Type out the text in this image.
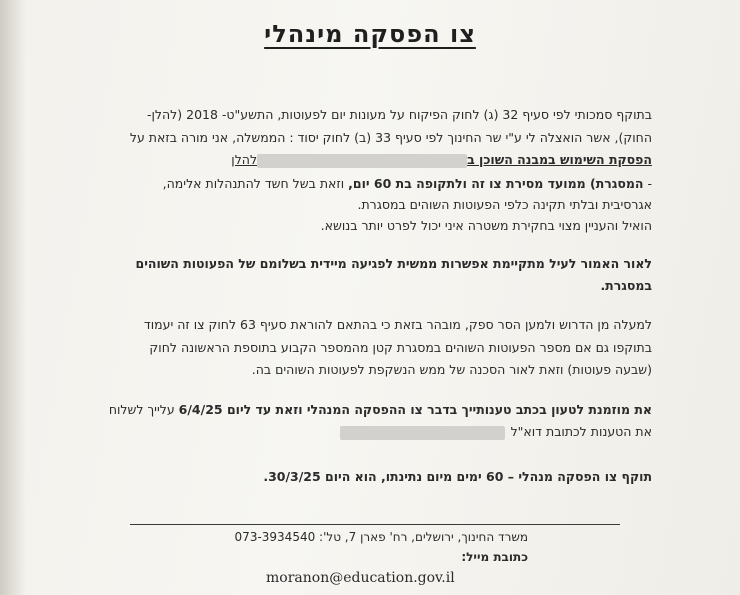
צו הפסקה מינהלי
בתוקף סמכותי לפי סעיף 32 (ג) לחוק הפיקוח על מעונות יום לפעוטות, התשע"ט- 2018 (להלן-
החוק), אשר הואצלה לי ע"י שר החינוך לפי סעיף 33 (ב) לחוק יסוד : הממשלה, אני מורה בזאת על
הפסקת השימוש במבנה השוכן בלהלן
- המסגרת) ממועד מסירת צו זה ולתקופה בת 60 יום, וזאת בשל חשד להתנהלות אלימה,
אגרסיבית ובלתי תקינה כלפי הפעוטות השוהים במסגרת.
הואיל והעניין מצוי בחקירת משטרה איני יכול לפרט יותר בנושא.
לאור האמור לעיל מתקיימת אפשרות ממשית לפגיעה מיידית בשלומם של הפעוטות השוהים
במסגרת.
למעלה מן הדרוש ולמען הסר ספק, מובהר בזאת כי בהתאם להוראת סעיף 63 לחוק צו זה יעמוד
בתוקפו גם אם מספר הפעוטות השוהים במסגרת קטן מהמספר הקבוע בתוספת הראשונה לחוק
(שבעה פעוטות) וזאת לאור הסכנה של ממש הנשקפת לפעוטות השוהים בה.
את מוזמנת לטעון בכתב טענותייך בדבר צו ההפסקה המנהלי וזאת עד ליום 6/4/25 עלייך לשלוח
את הטענות לכתובת דוא"ל
תוקף צו הפסקה מנהלי – 60 ימים מיום נתינתו, הוא היום 30/3/25.
משרד החינוך, ירושלים, רח' פארן 7, טל': 073-3934540
כתובת מייל:
moranon@education.gov.il
